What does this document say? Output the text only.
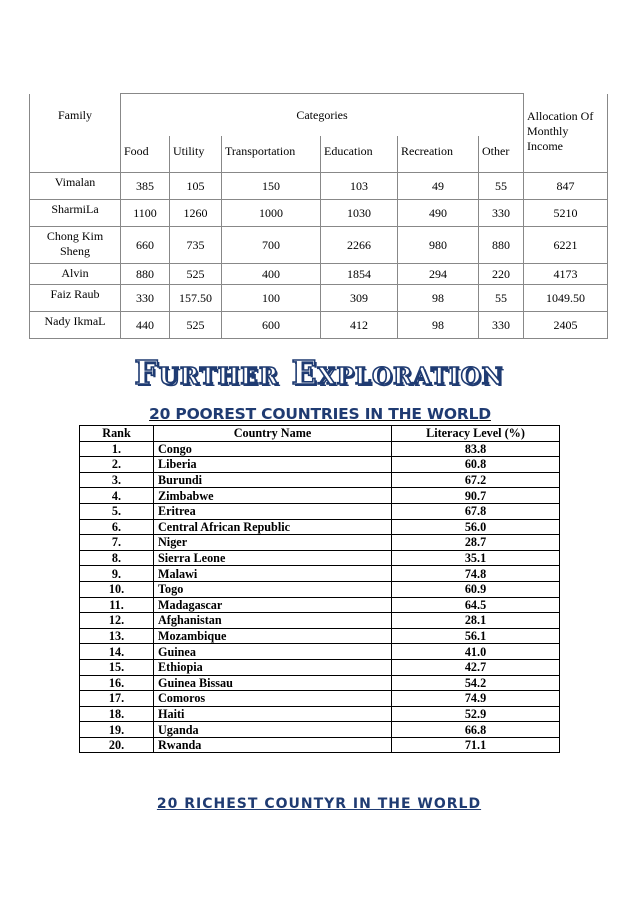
Family	Categories						Allocation Of Monthly Income
	Food	Utility	Transportation	Education	Recreation	Other	
Vimalan	385	105	150	103	49	55	847
SharmiLa	1100	1260	1000	1030	490	330	5210
Chong Kim Sheng	660	735	700	2266	980	880	6221
Alvin	880	525	400	1854	294	220	4173
Faiz Raub	330	157.50	100	309	98	55	1049.50
Nady IkmaL	440	525	600	412	98	330	2405
Further Exploration
20 POOREST COUNTRIES IN THE WORLD
Rank	Country Name	Literacy Level (%)
1.	Congo	83.8
2.	Liberia	60.8
3.	Burundi	67.2
4.	Zimbabwe	90.7
5.	Eritrea	67.8
6.	Central African Republic	56.0
7.	Niger	28.7
8.	Sierra Leone	35.1
9.	Malawi	74.8
10.	Togo	60.9
11.	Madagascar	64.5
12.	Afghanistan	28.1
13.	Mozambique	56.1
14.	Guinea	41.0
15.	Ethiopia	42.7
16.	Guinea Bissau	54.2
17.	Comoros	74.9
18.	Haiti	52.9
19.	Uganda	66.8
20.	Rwanda	71.1
20 RICHEST COUNTYR IN THE WORLD
